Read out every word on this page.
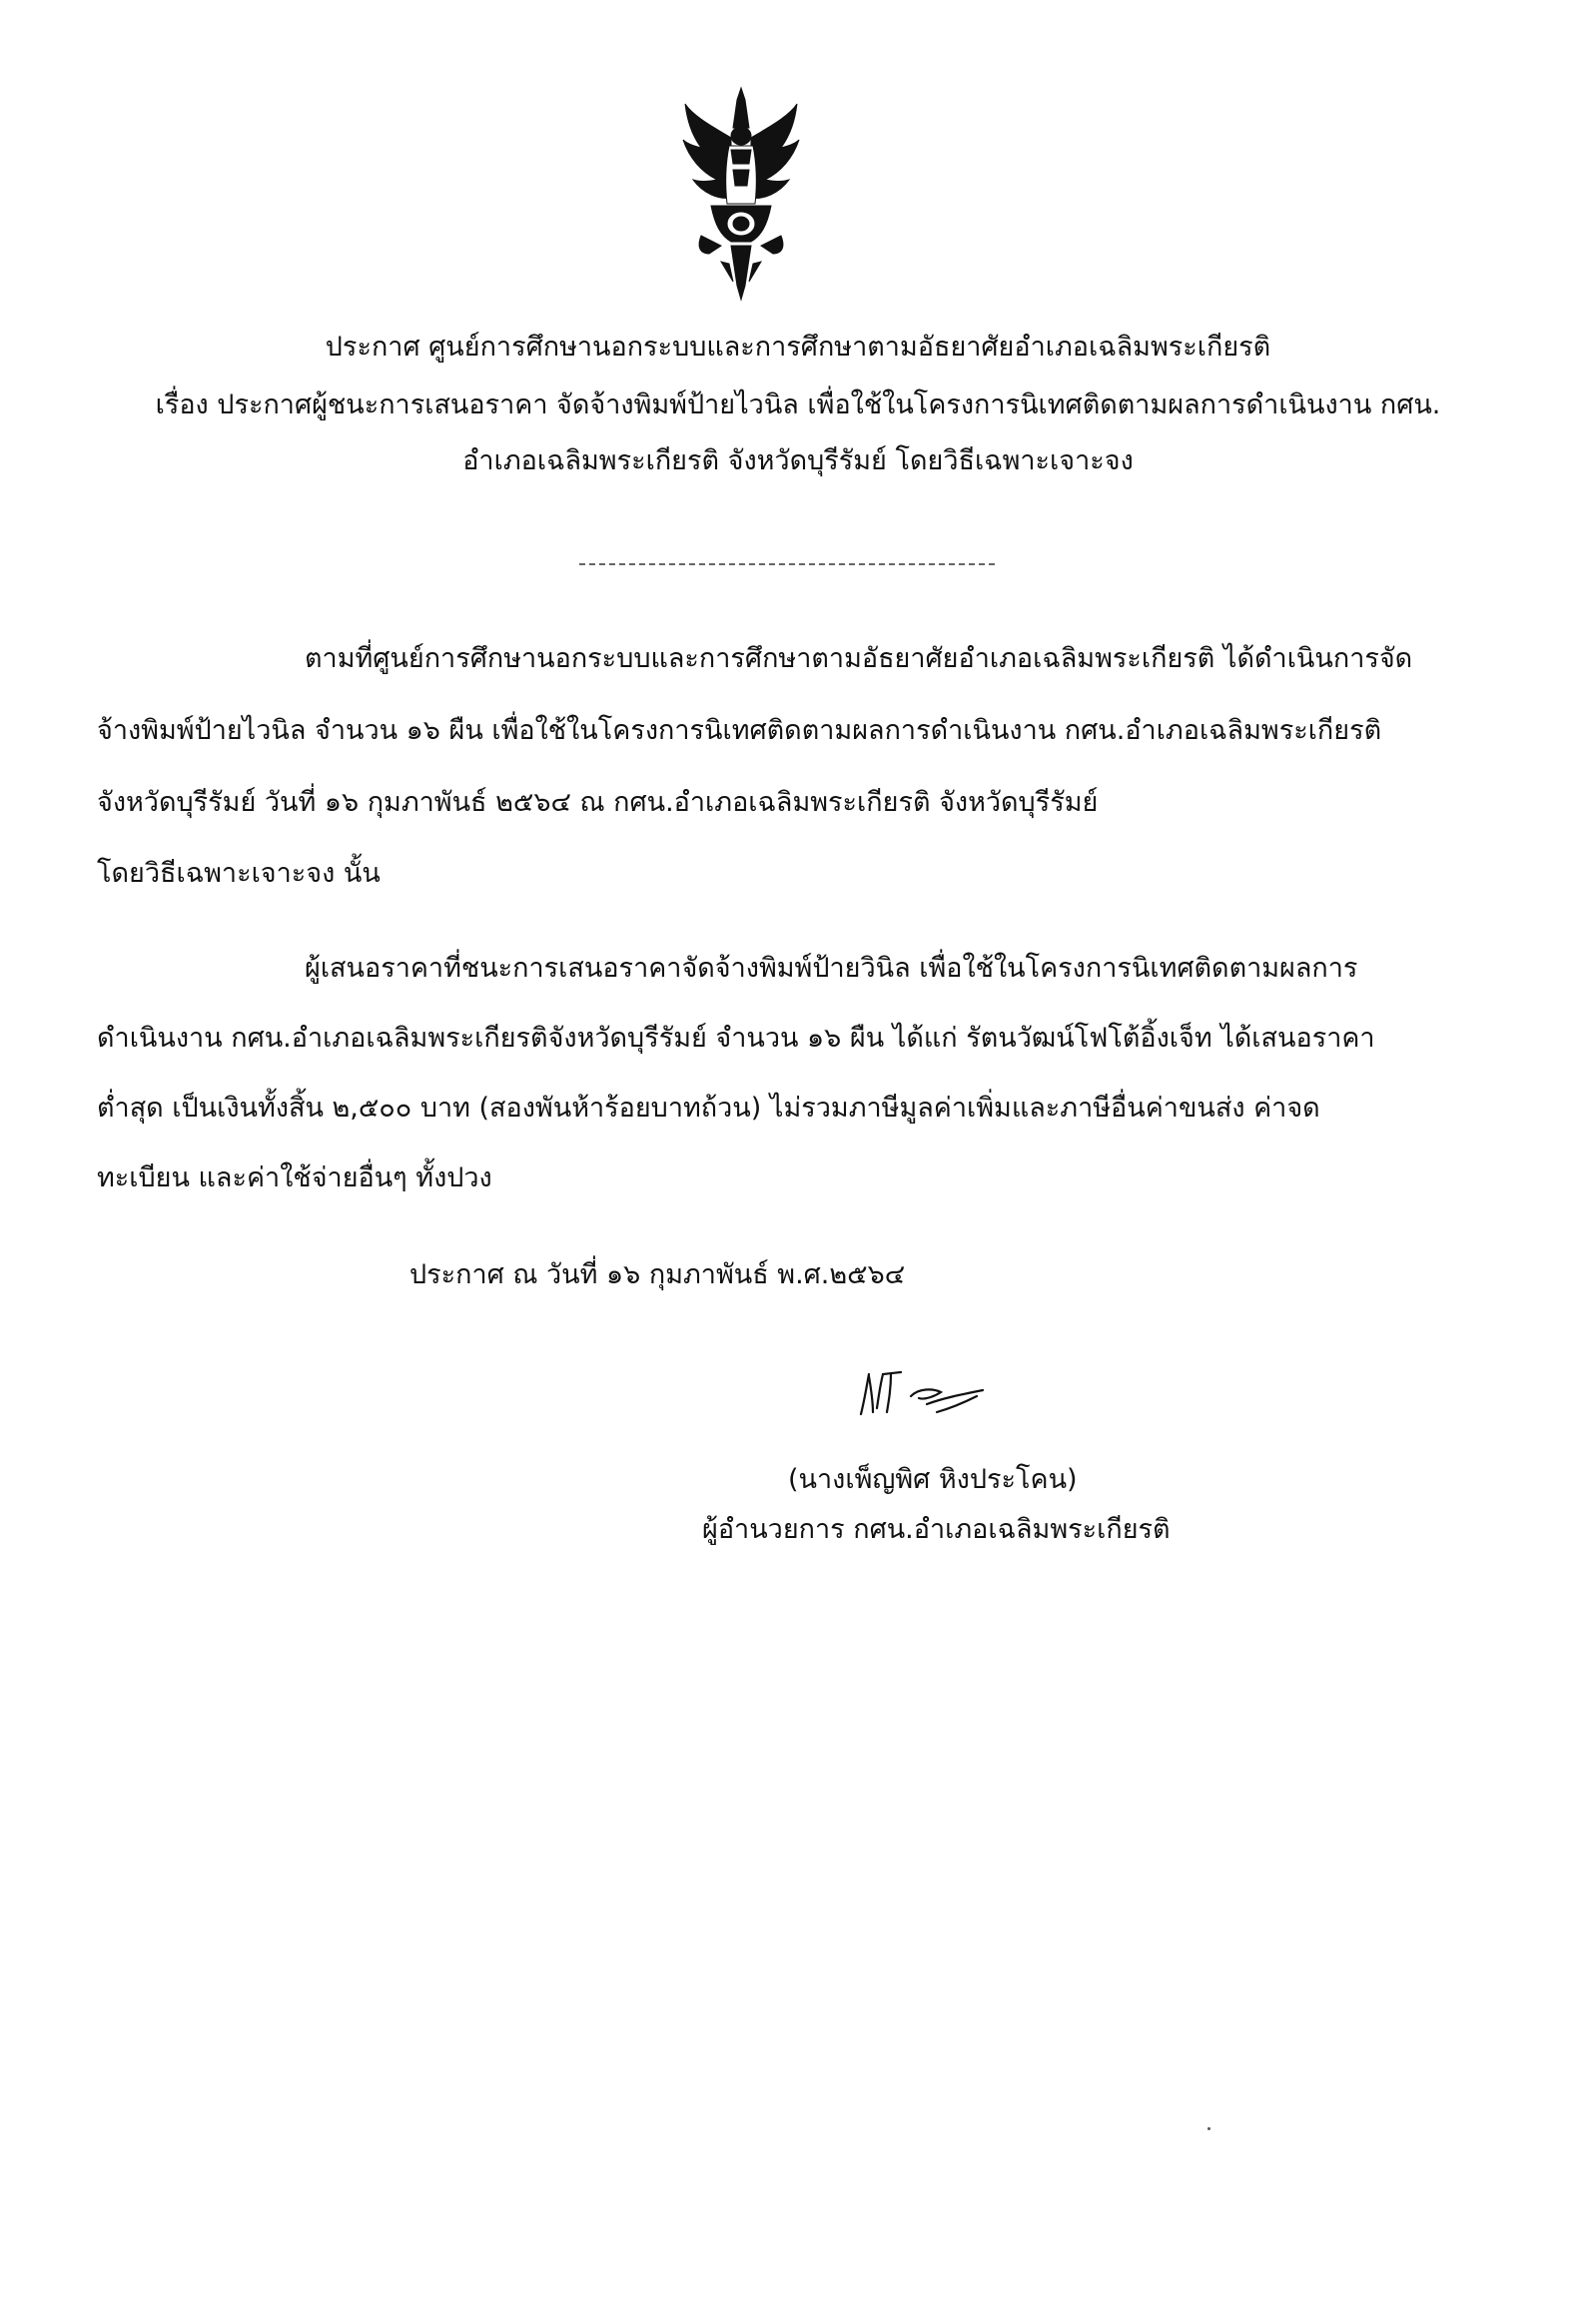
ประกาศ ศูนย์การศึกษานอกระบบและการศึกษาตามอัธยาศัยอำเภอเฉลิมพระเกียรติ
เรื่อง ประกาศผู้ชนะการเสนอราคา จัดจ้างพิมพ์ป้ายไวนิล เพื่อใช้ในโครงการนิเทศติดตามผลการดำเนินงาน กศน.
อำเภอเฉลิมพระเกียรติ จังหวัดบุรีรัมย์ โดยวิธีเฉพาะเจาะจง
ตามที่ศูนย์การศึกษานอกระบบและการศึกษาตามอัธยาศัยอำเภอเฉลิมพระเกียรติ ได้ดำเนินการจัด
จ้างพิมพ์ป้ายไวนิล จำนวน ๑๖ ผืน เพื่อใช้ในโครงการนิเทศติดตามผลการดำเนินงาน กศน.อำเภอเฉลิมพระเกียรติ
จังหวัดบุรีรัมย์ วันที่ ๑๖ กุมภาพันธ์ ๒๕๖๔ ณ กศน.อำเภอเฉลิมพระเกียรติ จังหวัดบุรีรัมย์
โดยวิธีเฉพาะเจาะจง นั้น
ผู้เสนอราคาที่ชนะการเสนอราคาจัดจ้างพิมพ์ป้ายวินิล เพื่อใช้ในโครงการนิเทศติดตามผลการ
ดำเนินงาน กศน.อำเภอเฉลิมพระเกียรติจังหวัดบุรีรัมย์ จำนวน ๑๖ ผืน ได้แก่ รัตนวัฒน์โฟโต้อิ้งเจ็ท ได้เสนอราคา
ต่ำสุด เป็นเงินทั้งสิ้น ๒,๕๐๐ บาท (สองพันห้าร้อยบาทถ้วน) ไม่รวมภาษีมูลค่าเพิ่มและภาษีอื่นค่าขนส่ง ค่าจด
ทะเบียน และค่าใช้จ่ายอื่นๆ ทั้งปวง
ประกาศ ณ วันที่ ๑๖ กุมภาพันธ์ พ.ศ.๒๕๖๔
(นางเพ็ญพิศ หิงประโคน)
ผู้อำนวยการ กศน.อำเภอเฉลิมพระเกียรติ
